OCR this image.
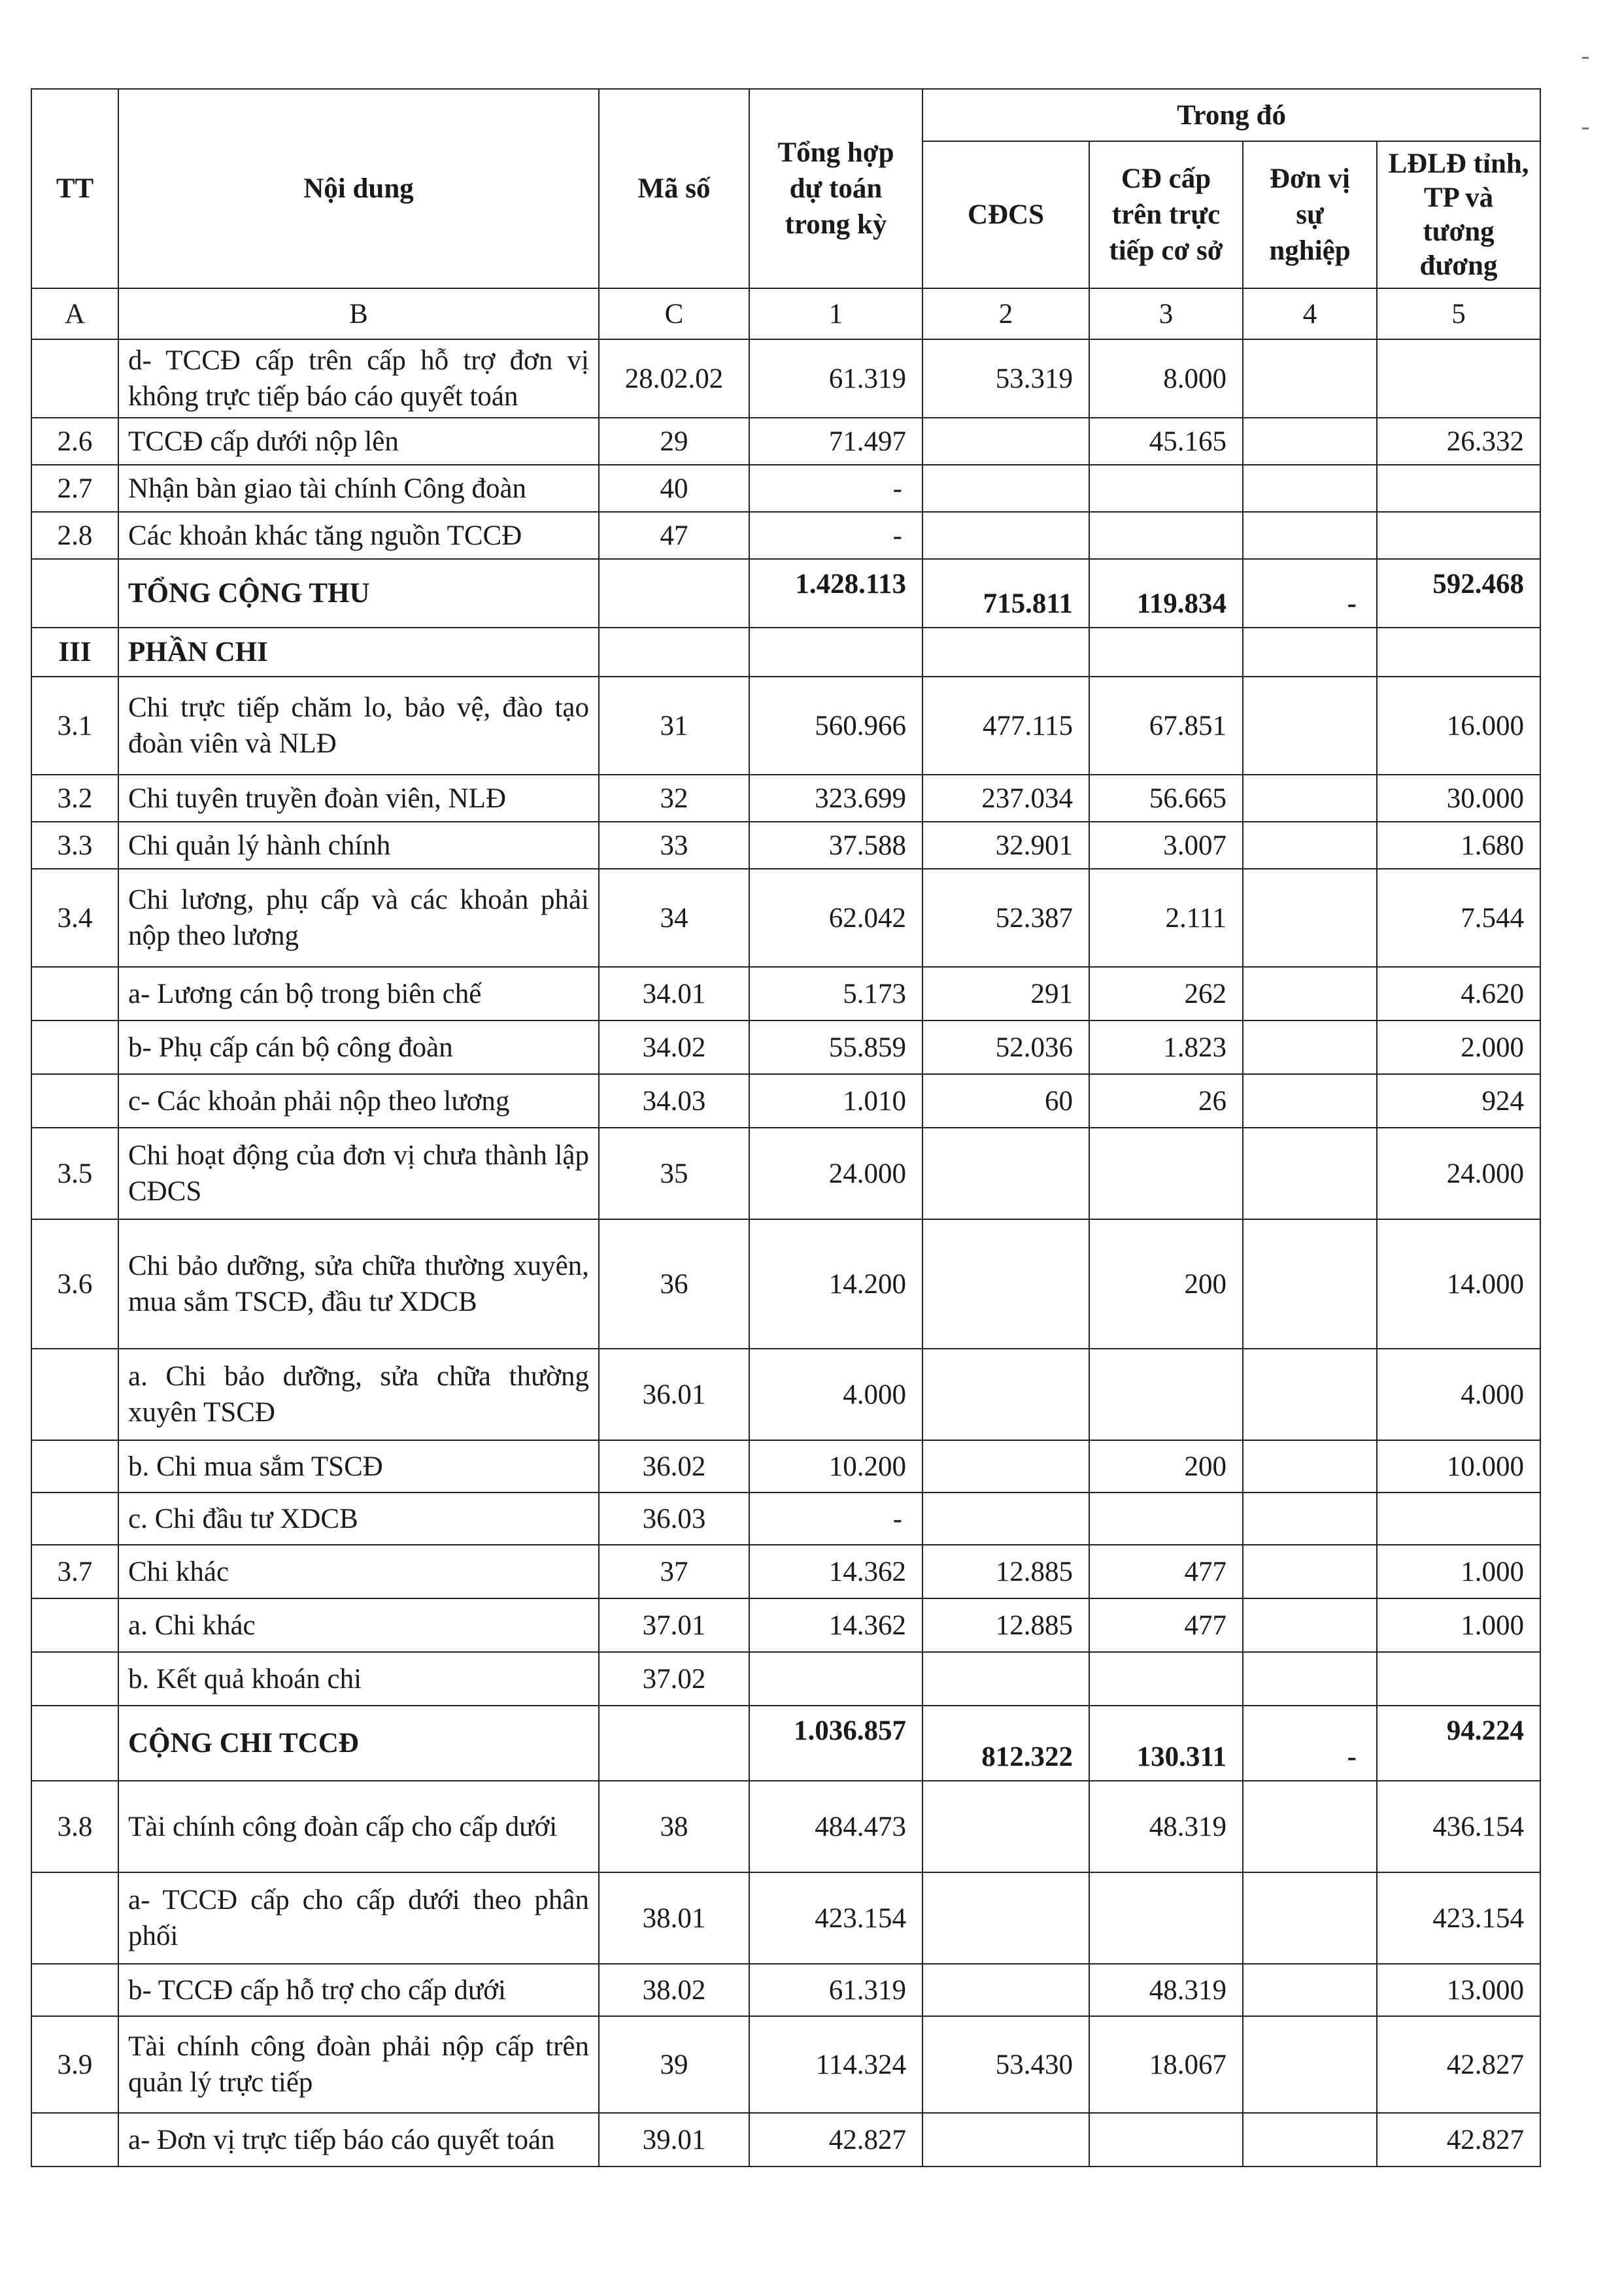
TT	Nội dung	Mã số	Tổng hợp dự toán trong kỳ	Trong đó			
				CĐCS	CĐ cấp trên trực tiếp cơ sở	Đơn vị sự nghiệp	LĐLĐ tỉnh, TP và tương đương
A	B	C	1	2	3	4	5
	d- TCCĐ cấp trên cấp hỗ trợ đơn vị không trực tiếp báo cáo quyết toán	28.02.02	61.319	53.319	8.000		
2.6	TCCĐ cấp dưới nộp lên	29	71.497		45.165		26.332
2.7	Nhận bàn giao tài chính Công đoàn	40	-				
2.8	Các khoản khác tăng nguồn TCCĐ	47	-				
	TỔNG CỘNG THU		1.428.113	715.811	119.834	-	592.468
III	PHẦN CHI						
3.1	Chi trực tiếp chăm lo, bảo vệ, đào tạo đoàn viên và NLĐ	31	560.966	477.115	67.851		16.000
3.2	Chi tuyên truyền đoàn viên, NLĐ	32	323.699	237.034	56.665		30.000
3.3	Chi quản lý hành chính	33	37.588	32.901	3.007		1.680
3.4	Chi lương, phụ cấp và các khoản phải nộp theo lương	34	62.042	52.387	2.111		7.544
	a- Lương cán bộ trong biên chế	34.01	5.173	291	262		4.620
	b- Phụ cấp cán bộ công đoàn	34.02	55.859	52.036	1.823		2.000
	c- Các khoản phải nộp theo lương	34.03	1.010	60	26		924
3.5	Chi hoạt động của đơn vị chưa thành lập CĐCS	35	24.000				24.000
3.6	Chi bảo dưỡng, sửa chữa thường xuyên, mua sắm TSCĐ, đầu tư XDCB	36	14.200		200		14.000
	a. Chi bảo dưỡng, sửa chữa thường xuyên TSCĐ	36.01	4.000				4.000
	b. Chi mua sắm TSCĐ	36.02	10.200		200		10.000
	c. Chi đầu tư XDCB	36.03	-				
3.7	Chi khác	37	14.362	12.885	477		1.000
	a. Chi khác	37.01	14.362	12.885	477		1.000
	b. Kết quả khoán chi	37.02					
	CỘNG CHI TCCĐ		1.036.857	812.322	130.311	-	94.224
3.8	Tài chính công đoàn cấp cho cấp dưới	38	484.473		48.319		436.154
	a- TCCĐ cấp cho cấp dưới theo phân phối	38.01	423.154				423.154
	b- TCCĐ cấp hỗ trợ cho cấp dưới	38.02	61.319		48.319		13.000
3.9	Tài chính công đoàn phải nộp cấp trên quản lý trực tiếp	39	114.324	53.430	18.067		42.827
	a- Đơn vị trực tiếp báo cáo quyết toán	39.01	42.827				42.827
